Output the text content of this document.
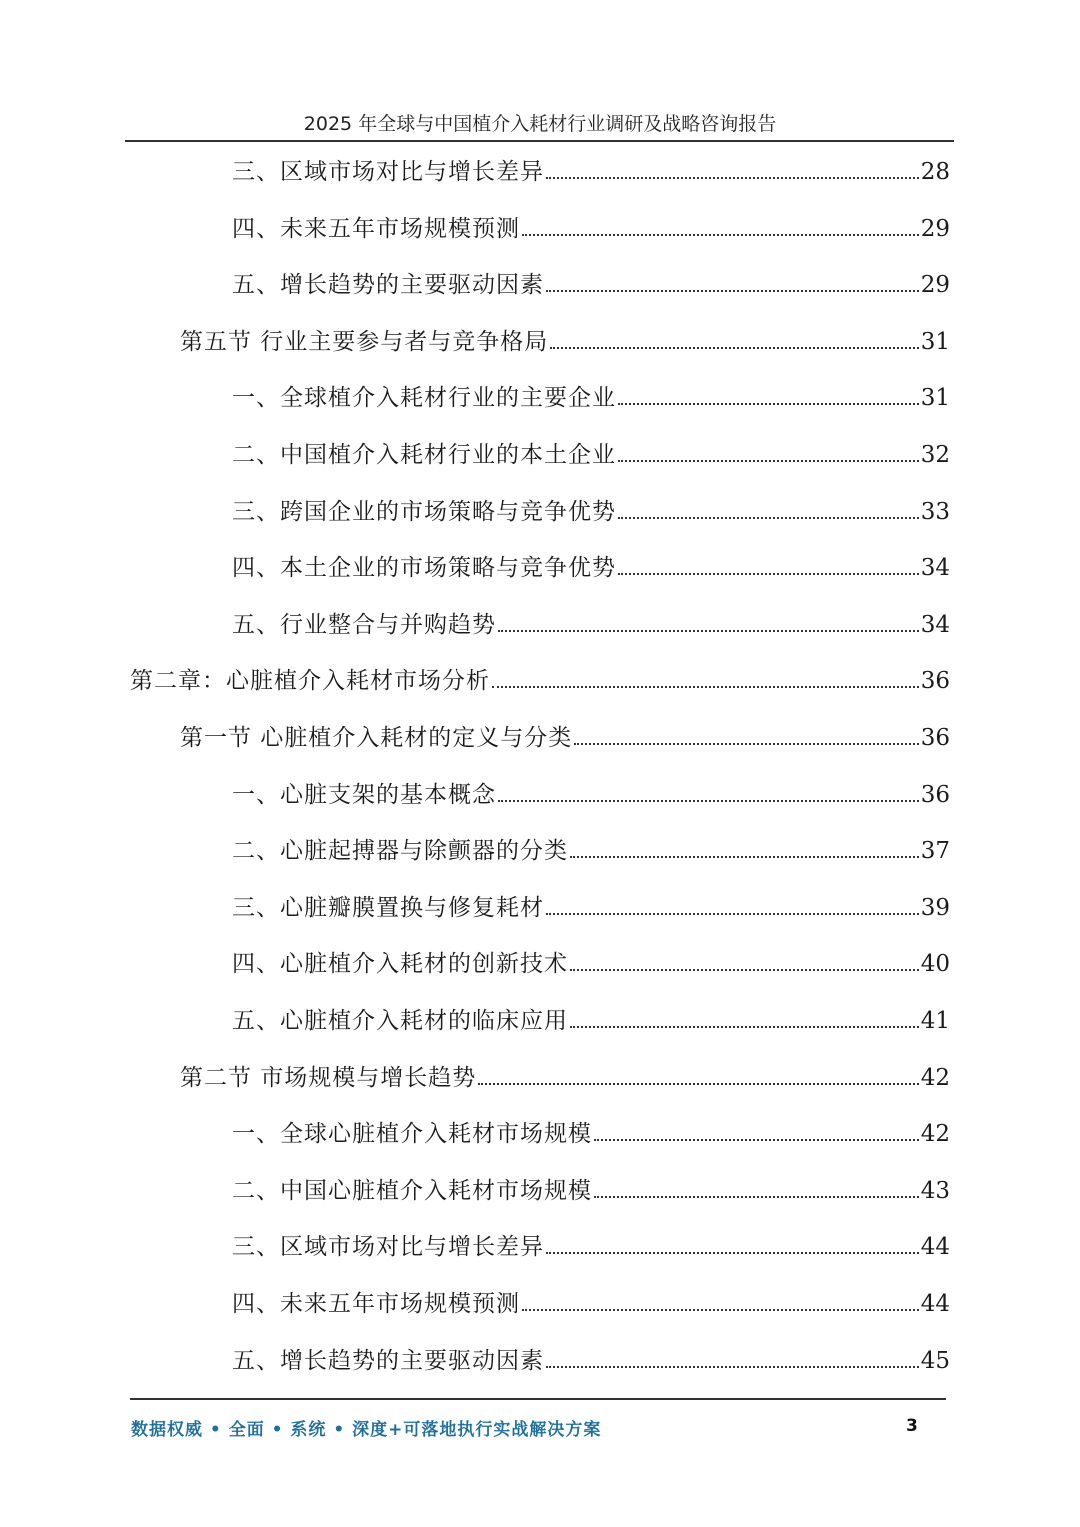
2025 年全球与中国植介入耗材行业调研及战略咨询报告
三、区域市场对比与增长差异	28
四、未来五年市场规模预测	29
五、增长趋势的主要驱动因素	29
第五节 行业主要参与者与竞争格局	31
一、全球植介入耗材行业的主要企业	31
二、中国植介入耗材行业的本土企业	32
三、跨国企业的市场策略与竞争优势	33
四、本土企业的市场策略与竞争优势	34
五、行业整合与并购趋势	34
第二章：心脏植介入耗材市场分析	36
第一节 心脏植介入耗材的定义与分类	36
一、心脏支架的基本概念	36
二、心脏起搏器与除颤器的分类	37
三、心脏瓣膜置换与修复耗材	39
四、心脏植介入耗材的创新技术	40
五、心脏植介入耗材的临床应用	41
第二节 市场规模与增长趋势	42
一、全球心脏植介入耗材市场规模	42
二、中国心脏植介入耗材市场规模	43
三、区域市场对比与增长差异	44
四、未来五年市场规模预测	44
五、增长趋势的主要驱动因素	45
数据权威 • 全面 • 系统 • 深度+可落地执行实战解决方案	3
